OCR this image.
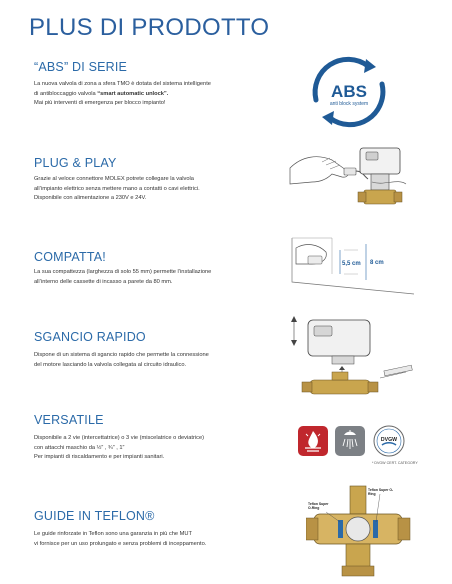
PLUS DI PRODOTTO
“ABS” DI SERIE
La nuova valvola di zona a sfera TMO è dotata del sistema intelligente
di antibloccaggio valvola “smart automatic unlock”.
Mai più interventi di emergenza per blocco impianto!
ABS
anti block system
PLUG & PLAY
Grazie al veloce connettore MOLEX potrete collegare la valvola
all’impianto elettrico senza mettere mano a contatti o cavi elettrici.
Disponibile con alimentazione a 230V e 24V.
COMPATTA!
La sua compattezza (larghezza di solo 55 mm) permette l’installazione
all’interno delle cassette di incasso a parete da 80 mm.
5,5 cm 8 cm
SGANCIO RAPIDO
Dispone di un sistema di sgancio rapido che permette la connessione
del motore lasciando la valvola collegata al circuito idraulico.
VERSATILE
Disponibile a 2 vie (intercettatrice) o 3 vie (miscelatrice o deviatrice)
con attacchi maschio da ½” , ¾” , 1”
Per impianti di riscaldamento e per impianti sanitari.
DVGW
* DVGW CERT. CATEGORY
GUIDE IN TEFLON®
Le guide rinforzate in Teflon sono una garanzia in più che MUT
vi fornisce per un uso prolungato e senza problemi di inceppamento.
Teflon Super O-Ring
Teflon Super O-Ring
